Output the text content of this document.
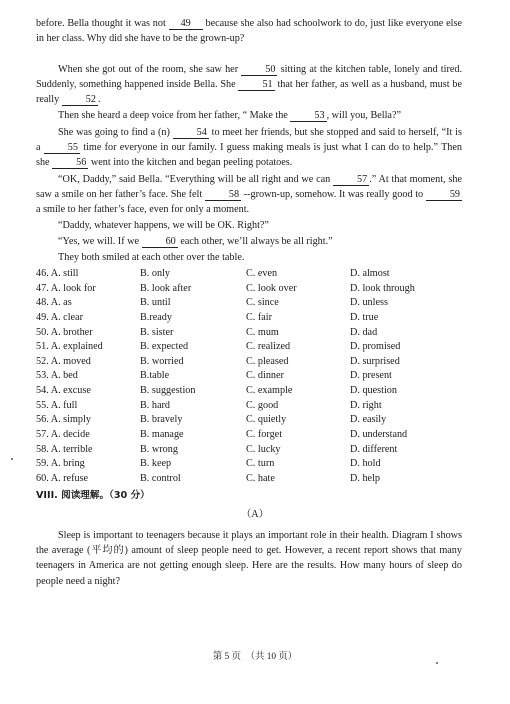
before. Bella thought it was not 49 because she also had schoolwork to do, just like everyone else in her class. Why did she have to be the grown-up?

When she got out of the room, she saw her 50 sitting at the kitchen table, lonely and tired. Suddenly, something happened inside Bella. She 51 that her father, as well as a husband, must be really 52 .

Then she heard a deep voice from her father, “ Make the 53 , will you, Bella?”

She was going to find a (n) 54 to meet her friends, but she stopped and said to herself, “It is a 55 time for everyone in our family. I guess making meals is just what I can do to help.” Then she 56 went into the kitchen and began peeling potatoes.

“OK, Daddy,” said Bella. “Everything will be all right and we can 57 .” At that moment, she saw a smile on her father’s face. She felt 58 --grown-up, somehow. It was really good to 59 a smile to her father’s face, even for only a moment.

“Daddy, whatever happens, we will be OK. Right?”

“Yes, we will. If we 60 each other, we’ll always be all right.”

They both smiled at each other over the table.

46. A. still	B. only	C. even	D. almost
47. A. look for	B. look after	C. look over	D. look through
48. A. as	B. until	C. since	D. unless
49. A. clear	B.ready	C. fair	D. true
50. A. brother	B. sister	C. mum	D. dad
51. A. explained	B. expected	C. realized	D. promised
52. A. moved	B. worried	C. pleased	D. surprised
53. A. bed	B.table	C. dinner	D. present
54. A. excuse	B. suggestion	C. example	D. question
55. A. full	B. hard	C. good	D. right
56. A. simply	B. bravely	C. quietly	D. easily
57. A. decide	B. manage	C. forget	D. understand
58. A. terrible	B. wrong	C. lucky	D. different
59. A. bring	B. keep	C. turn	D. hold
60. A. refuse	B. control	C. hate	D. help
VIII. 阅读理解。（30 分）
（A）

Sleep is important to teenagers because it plays an important role in their health. Diagram I shows the average (平均的) amount of sleep people need to get. However, a recent report shows that many teenagers in America are not getting enough sleep. Here are the results. How many hours of sleep do people need a night?

第 5 页　（共 10 页）
